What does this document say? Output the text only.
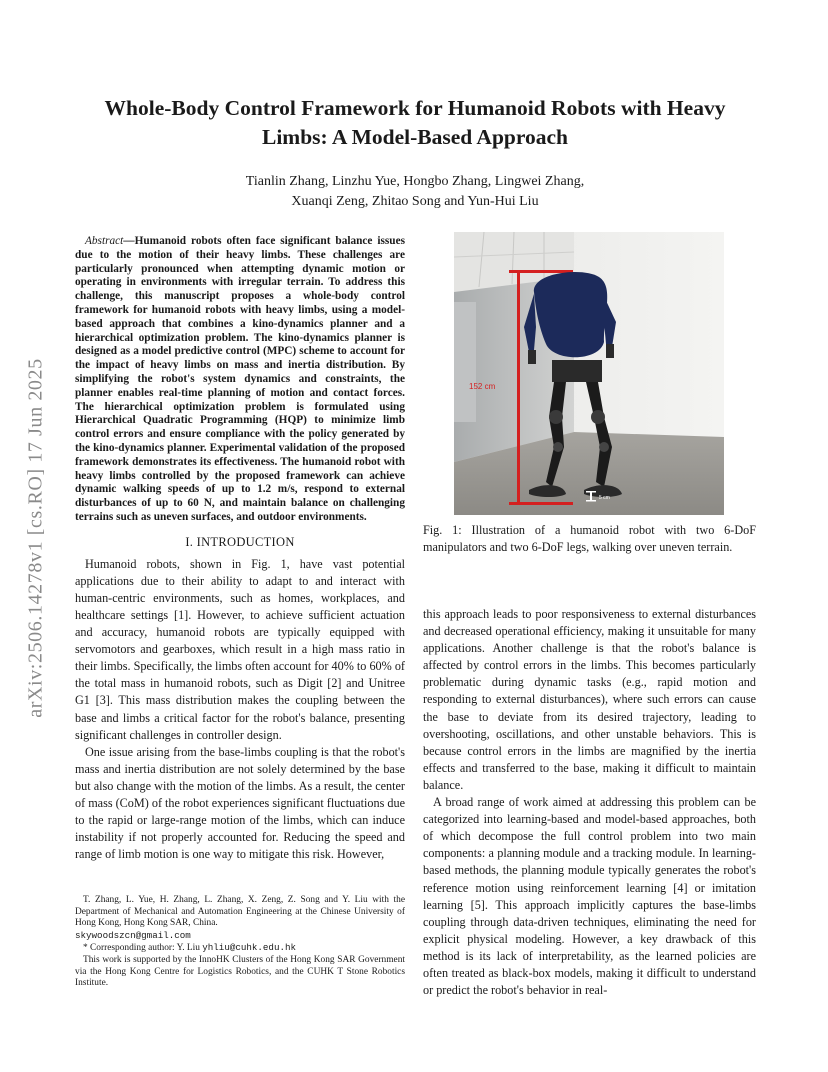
arXiv:2506.14278v1 [cs.RO] 17 Jun 2025
Whole-Body Control Framework for Humanoid Robots with Heavy Limbs: A Model-Based Approach
Tianlin Zhang, Linzhu Yue, Hongbo Zhang, Lingwei Zhang,
Xuanqi Zeng, Zhitao Song and Yun-Hui Liu

Abstract—Humanoid robots often face significant balance issues due to the motion of their heavy limbs. These challenges are particularly pronounced when attempting dynamic motion or operating in environments with irregular terrain. To address this challenge, this manuscript proposes a whole-body control framework for humanoid robots with heavy limbs, using a model-based approach that combines a kino-dynamics planner and a hierarchical optimization problem. The kino-dynamics planner is designed as a model predictive control (MPC) scheme to account for the impact of heavy limbs on mass and inertia distribution. By simplifying the robot's system dynamics and constraints, the planner enables real-time planning of motion and contact forces. The hierarchical optimization problem is formulated using Hierarchical Quadratic Programming (HQP) to minimize limb control errors and ensure compliance with the policy generated by the kino-dynamics planner. Experimental validation of the proposed framework demonstrates its effectiveness. The humanoid robot with heavy limbs controlled by the proposed framework can achieve dynamic walking speeds of up to 1.2 m/s, respond to external disturbances of up to 60 N, and maintain balance on challenging terrains such as uneven surfaces, and outdoor environments.

I. INTRODUCTION

Humanoid robots, shown in Fig. 1, have vast potential applications due to their ability to adapt to and interact with human-centric environments, such as homes, workplaces, and healthcare settings [1]. However, to achieve sufficient actuation and accuracy, humanoid robots are typically equipped with servomotors and gearboxes, which result in a high mass ratio in their limbs. Specifically, the limbs often account for 40% to 60% of the total mass in humanoid robots, such as Digit [2] and Unitree G1 [3]. This mass distribution makes the coupling between the base and limbs a critical factor for the robot's balance, presenting significant challenges in controller design.

One issue arising from the base-limbs coupling is that the robot's mass and inertia distribution are not solely determined by the base but also change with the motion of the limbs. As a result, the center of mass (CoM) of the robot experiences significant fluctuations due to the rapid or large-range motion of the limbs, which can induce instability if not properly accounted for. Reducing the speed and range of limb motion is one way to mitigate this risk. However,

T. Zhang, L. Yue, H. Zhang, L. Zhang, X. Zeng, Z. Song and Y. Liu with the Department of Mechanical and Automation Engineering at the Chinese University of Hong Kong, Hong Kong SAR, China.
skywoodszcn@gmail.com

* Corresponding author: Y. Liu yhliu@cuhk.edu.hk

This work is supported by the InnoHK Clusters of the Hong Kong SAR Government via the Hong Kong Centre for Logistics Robotics, and the CUHK T Stone Robotics Institute.

152 cm
5 cm

Fig. 1: Illustration of a humanoid robot with two 6-DoF manipulators and two 6-DoF legs, walking over uneven terrain.

this approach leads to poor responsiveness to external disturbances and decreased operational efficiency, making it unsuitable for many applications. Another challenge is that the robot's balance is affected by control errors in the limbs. This becomes particularly problematic during dynamic tasks (e.g., rapid motion and responding to external disturbances), where such errors can cause the base to deviate from its desired trajectory, leading to overshooting, oscillations, and other unstable behaviors. This is because control errors in the limbs are magnified by the inertia effects and transferred to the base, making it difficult to maintain balance.

A broad range of work aimed at addressing this problem can be categorized into learning-based and model-based approaches, both of which decompose the full control problem into two main components: a planning module and a tracking module. In learning-based methods, the planning module typically generates the robot's reference motion using reinforcement learning [4] or imitation learning [5]. This approach implicitly captures the base-limbs coupling through data-driven techniques, eliminating the need for explicit physical modeling. However, a key drawback of this method is its lack of interpretability, as the learned policies are often treated as black-box models, making it difficult to understand or predict the robot's behavior in real-
